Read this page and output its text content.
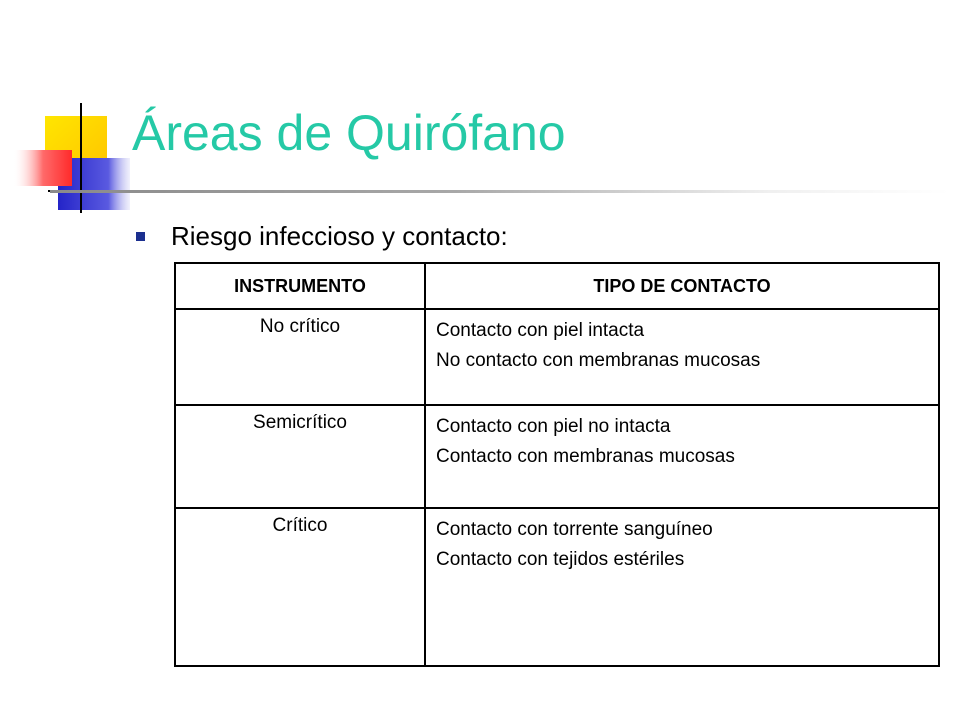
Áreas de Quirófano
Riesgo infeccioso y contacto:
INSTRUMENTO	TIPO DE CONTACTO
No crítico	Contacto con piel intacta
No contacto con membranas mucosas

Semicrítico	Contacto con piel no intacta
Contacto con membranas mucosas

Crítico	Contacto con torrente sanguíneo
Contacto con tejidos estériles
